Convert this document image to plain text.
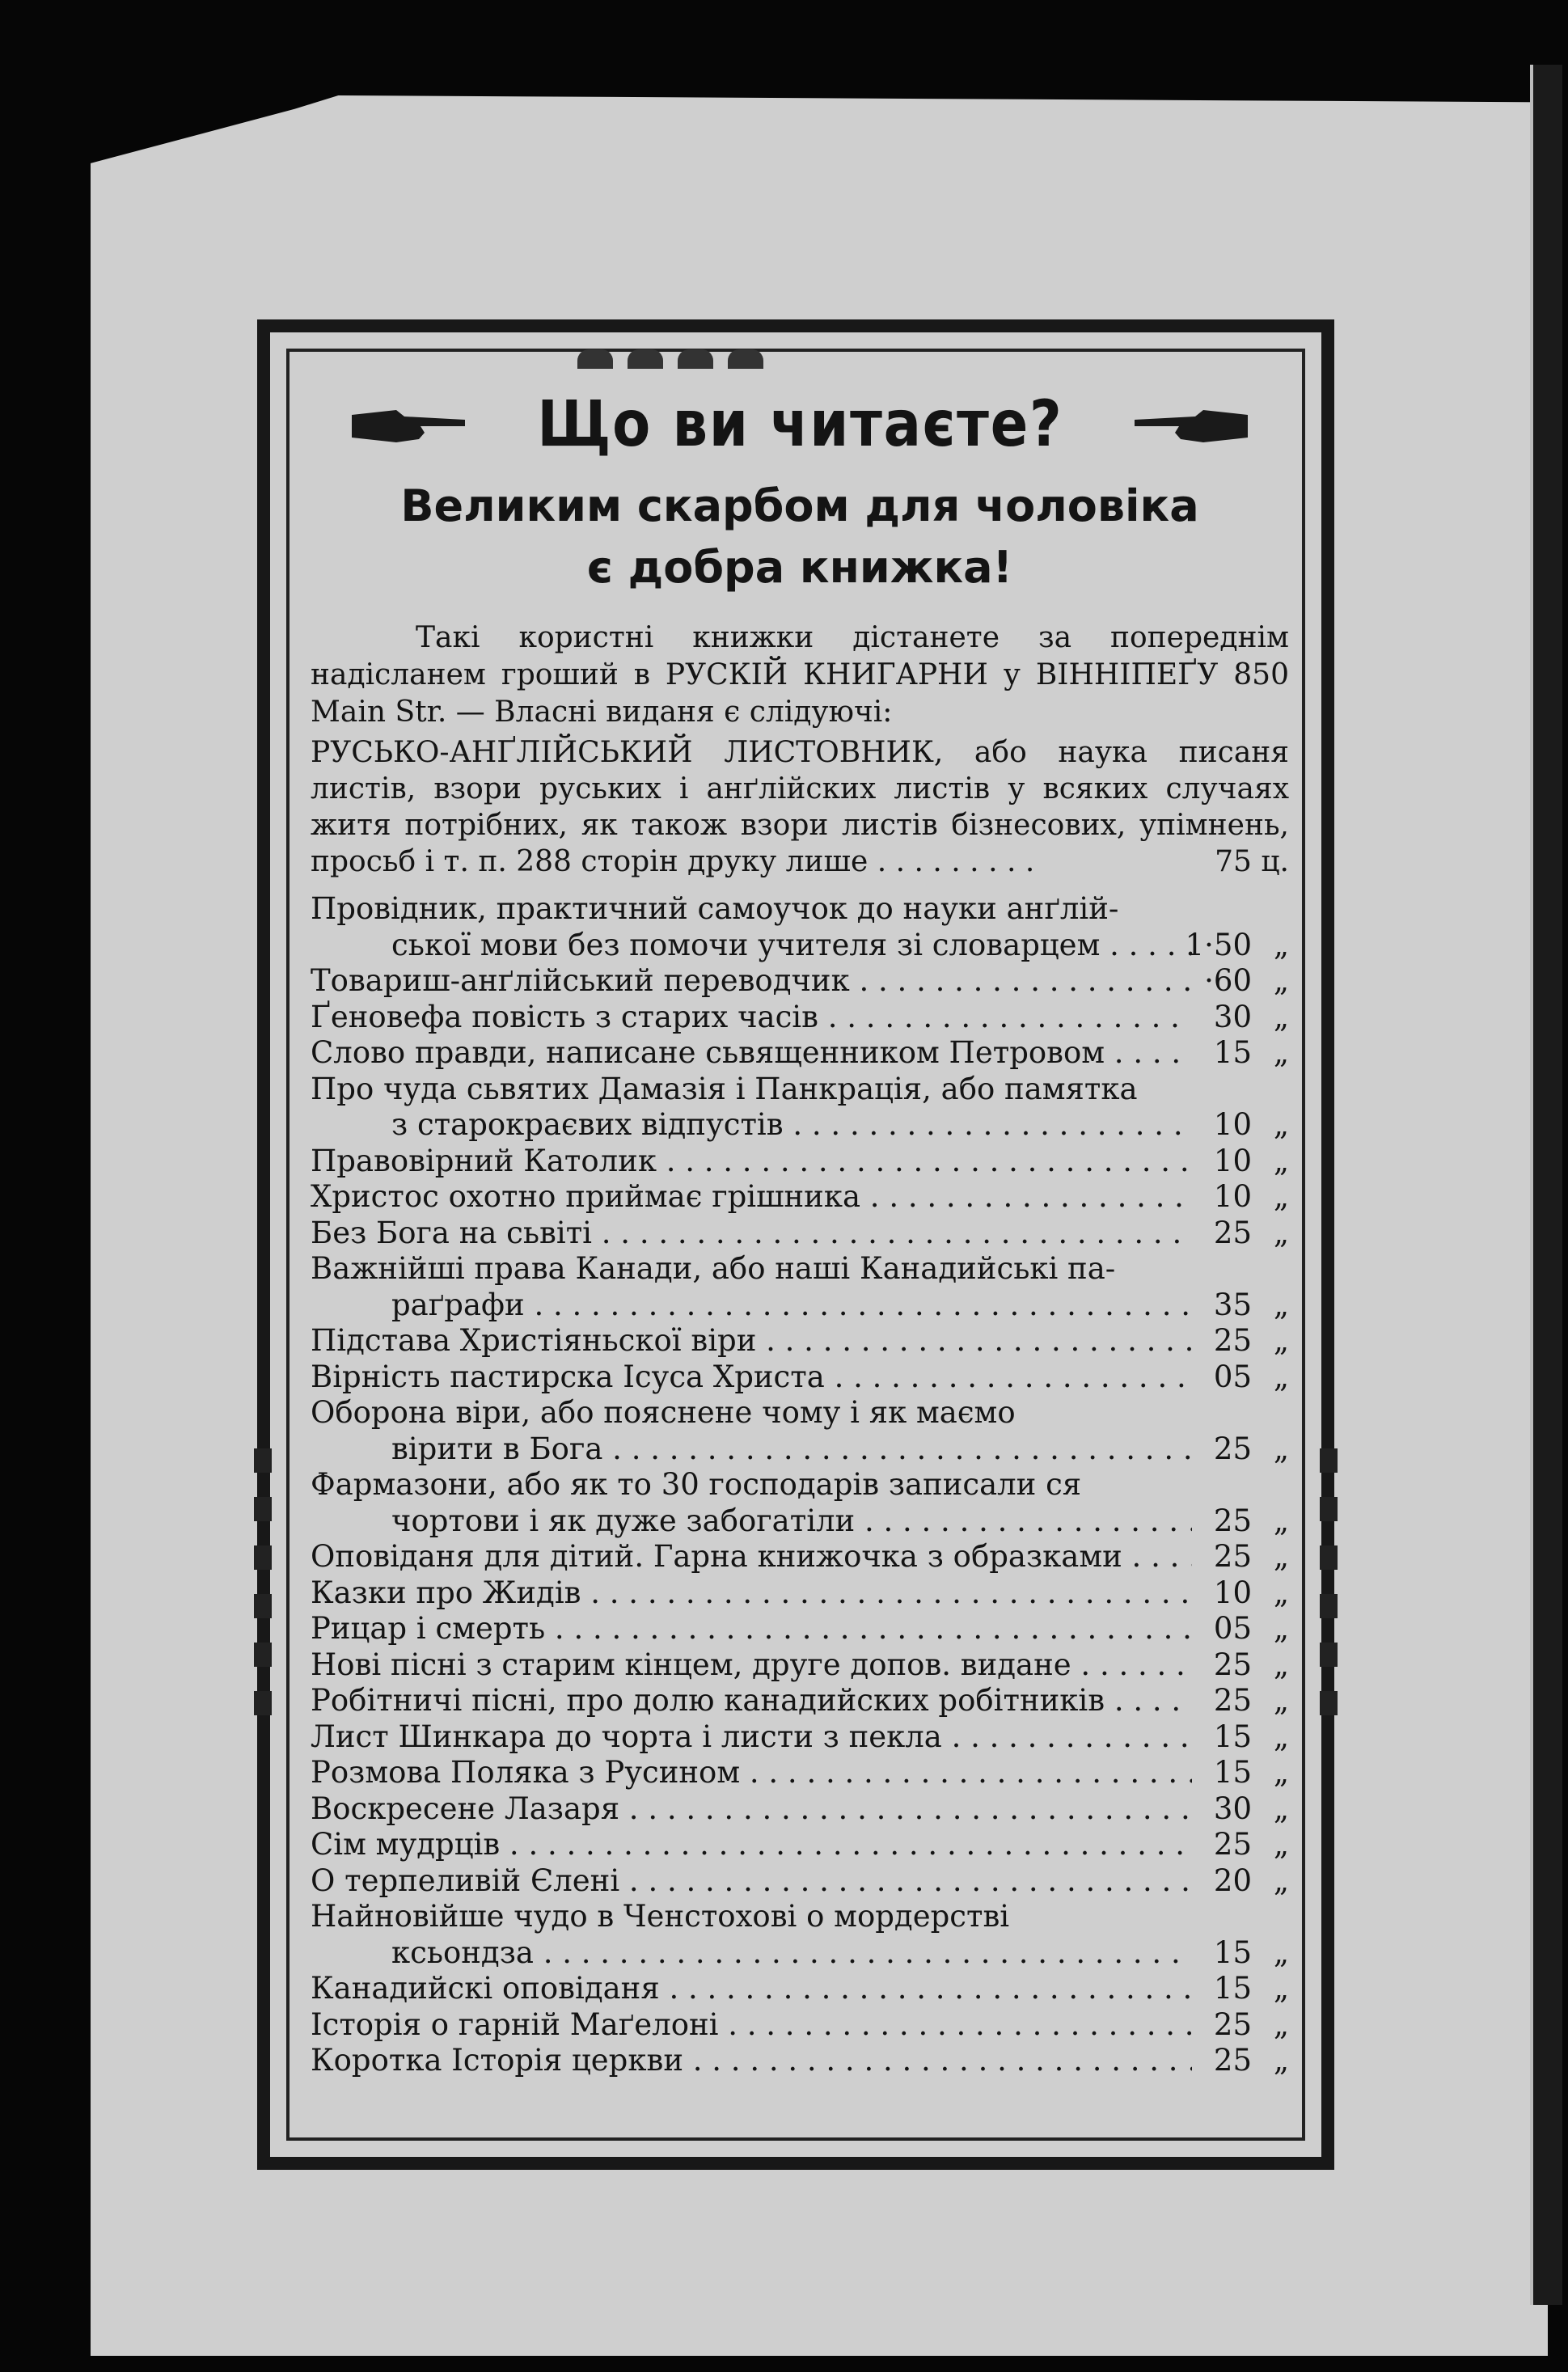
Що ви читаєте?
Великим скарбом для чоловіка
є добра книжка!
Такі користні книжки дістанете за попереднім надісланем гроший в РУСКІЙ КНИГАРНИ у ВІННІПЕҐУ 850 Main Str. — Власні виданя є слідуючі:
РУСЬКО-АНҐЛІЙСЬКИЙ ЛИСТОВНИК, або наука писаня листів, взори руських і анґлійских листів у всяких случаях житя потрібних, як також взори листів бізнесових, упімнень, просьб і т. п. 288 сторін друку лише . . . . . . . . .	75 ц.
Провідник, практичний самоучок до науки анґлій-
ської мови без помочи учителя зі словарцем . . .	1·50 „
Товариш-анґлійський переводчик . . .	·60 „
Ґеновефа повість з старих часів . . .	30 „
Слово правди, написане сьвященником Петровом . . .	15 „
Про чуда сьвятих Дамазія і Панкрація, або памятка
з старокраєвих відпустів . . .	10 „
Правовірний Католик . . .	10 „
Христос охотно приймає грішника . . .	10 „
Без Бога на сьвіті . . .	25 „
Важнійші права Канади, або наші Канадийські па-
раґрафи . . .	35 „
Підстава Христіяньскої віри . . .	25 „
Вірність пастирска Ісуса Христа . . .	05 „
Оборона віри, або пояснене чому і як маємо
вірити в Бога . . .	25 „
Фармазони, або як то 30 господарів записали ся
чортови і як дуже забогатіли . . .	25 „
Оповіданя для дітий. Гарна книжочка з образками . . .	25 „
Казки про Жидів . . .	10 „
Рицар і смерть . . .	05 „
Нові пісні з старим кінцем, друге допов. видане . . .	25 „
Робітничі пісні, про долю канадийских робітників . . .	25 „
Лист Шинкара до чорта і листи з пекла . . .	15 „
Розмова Поляка з Русином . . .	15 „
Воскресене Лазаря . . .	30 „
Сім мудрців . . .	25 „
О терпеливій Єлені . . .	20 „
Найновійше чудо в Ченстохові о мордерстві
ксьондза . . .	15 „
Канадийскі оповіданя . . .	15 „
Історія о гарній Маґелоні . . .	25 „
Коротка Історія церкви . . .	25 „
